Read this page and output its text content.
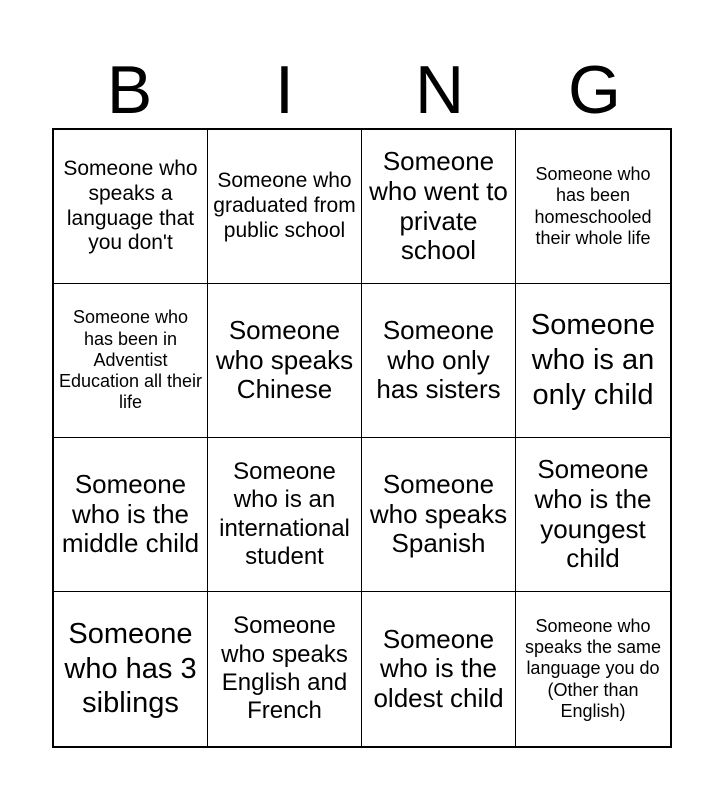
B	I	N	G
Someone who speaks a language that you don't
Someone who graduated from public school
Someone who went to private school
Someone who has been homeschooled their whole life
Someone who has been in Adventist Education all their life
Someone who speaks Chinese
Someone who only has sisters
Someone who is an only child
Someone who is the middle child
Someone who is an international student
Someone who speaks Spanish
Someone who is the youngest child
Someone who has 3 siblings
Someone who speaks English and French
Someone who is the oldest child
Someone who speaks the same language you do (Other than English)
